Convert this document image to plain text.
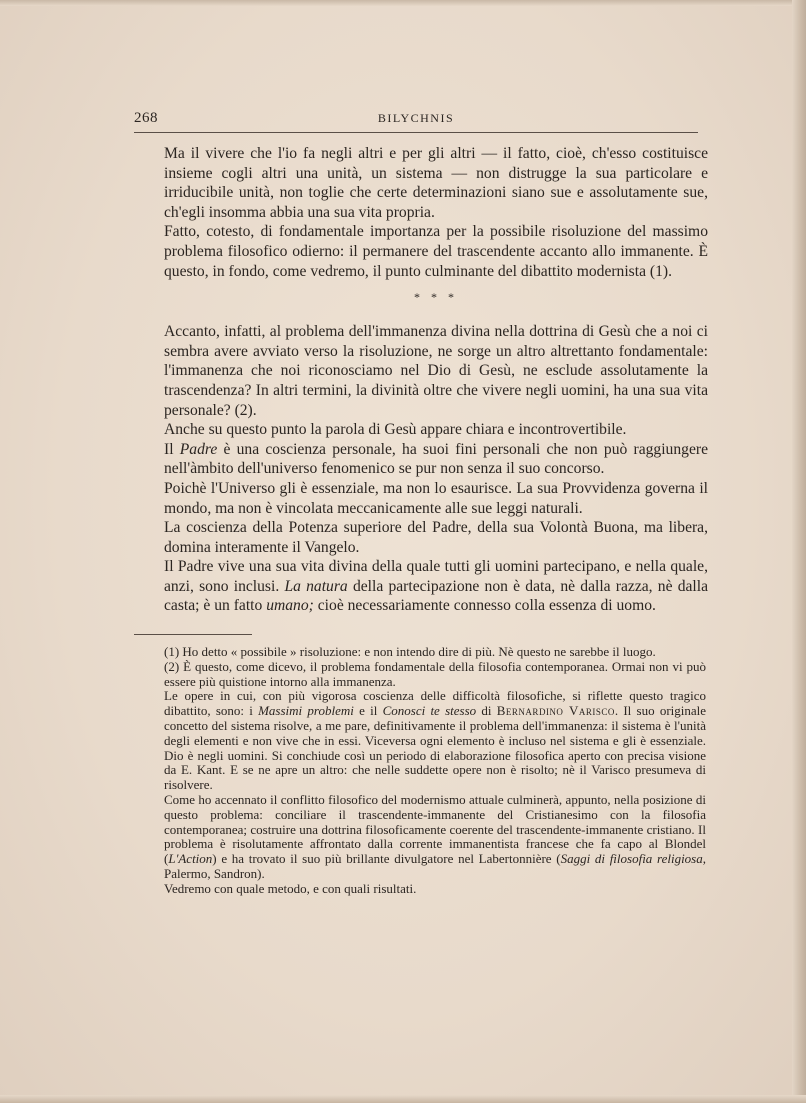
268	BILYCHNIS

Ma il vivere che l'io fa negli altri e per gli altri — il fatto, cioè, ch'esso costituisce insieme cogli altri una unità, un sistema — non distrugge la sua particolare e irriducibile unità, non toglie che certe determinazioni siano sue e assolutamente sue, ch'egli insomma abbia una sua vita propria.

Fatto, cotesto, di fondamentale importanza per la possibile risoluzione del massimo problema filosofico odierno: il permanere del trascendente accanto allo immanente. È questo, in fondo, come vedremo, il punto culminante del dibattito modernista (1).

* * *

Accanto, infatti, al problema dell'immanenza divina nella dottrina di Gesù che a noi ci sembra avere avviato verso la risoluzione, ne sorge un altro altrettanto fondamentale: l'immanenza che noi riconosciamo nel Dio di Gesù, ne esclude assolutamente la trascendenza? In altri termini, la divinità oltre che vivere negli uomini, ha una sua vita personale? (2).

Anche su questo punto la parola di Gesù appare chiara e incontrovertibile.

Il Padre è una coscienza personale, ha suoi fini personali che non può raggiungere nell'àmbito dell'universo fenomenico se pur non senza il suo concorso.

Poichè l'Universo gli è essenziale, ma non lo esaurisce. La sua Provvidenza governa il mondo, ma non è vincolata meccanicamente alle sue leggi naturali.

La coscienza della Potenza superiore del Padre, della sua Volontà Buona, ma libera, domina interamente il Vangelo.

Il Padre vive una sua vita divina della quale tutti gli uomini partecipano, e nella quale, anzi, sono inclusi. La natura della partecipazione non è data, nè dalla razza, nè dalla casta; è un fatto umano; cioè necessariamente connesso colla essenza di uomo.

(1) Ho detto « possibile » risoluzione: e non intendo dire di più. Nè questo ne sarebbe il luogo.

(2) È questo, come dicevo, il problema fondamentale della filosofia contemporanea. Ormai non vi può essere più quistione intorno alla immanenza.

Le opere in cui, con più vigorosa coscienza delle difficoltà filosofiche, si riflette questo tragico dibattito, sono: i Massimi problemi e il Conosci te stesso di Bernardino Varisco. Il suo originale concetto del sistema risolve, a me pare, definitivamente il problema dell'immanenza: il sistema è l'unità degli elementi e non vive che in essi. Viceversa ogni elemento è incluso nel sistema e gli è essenziale. Dio è negli uomini. Si conchiude così un periodo di elaborazione filosofica aperto con precisa visione da E. Kant. E se ne apre un altro: che nelle suddette opere non è risolto; nè il Varisco presumeva di risolvere.

Come ho accennato il conflitto filosofico del modernismo attuale culminerà, appunto, nella posizione di questo problema: conciliare il trascendente-immanente del Cristianesimo con la filosofia contemporanea; costruire una dottrina filosoficamente coerente del trascendente-immanente cristiano. Il problema è risolutamente affrontato dalla corrente immanentista francese che fa capo al Blondel (L'Action) e ha trovato il suo più brillante divulgatore nel Labertonnière (Saggi di filosofia religiosa, Palermo, Sandron).

Vedremo con quale metodo, e con quali risultati.
